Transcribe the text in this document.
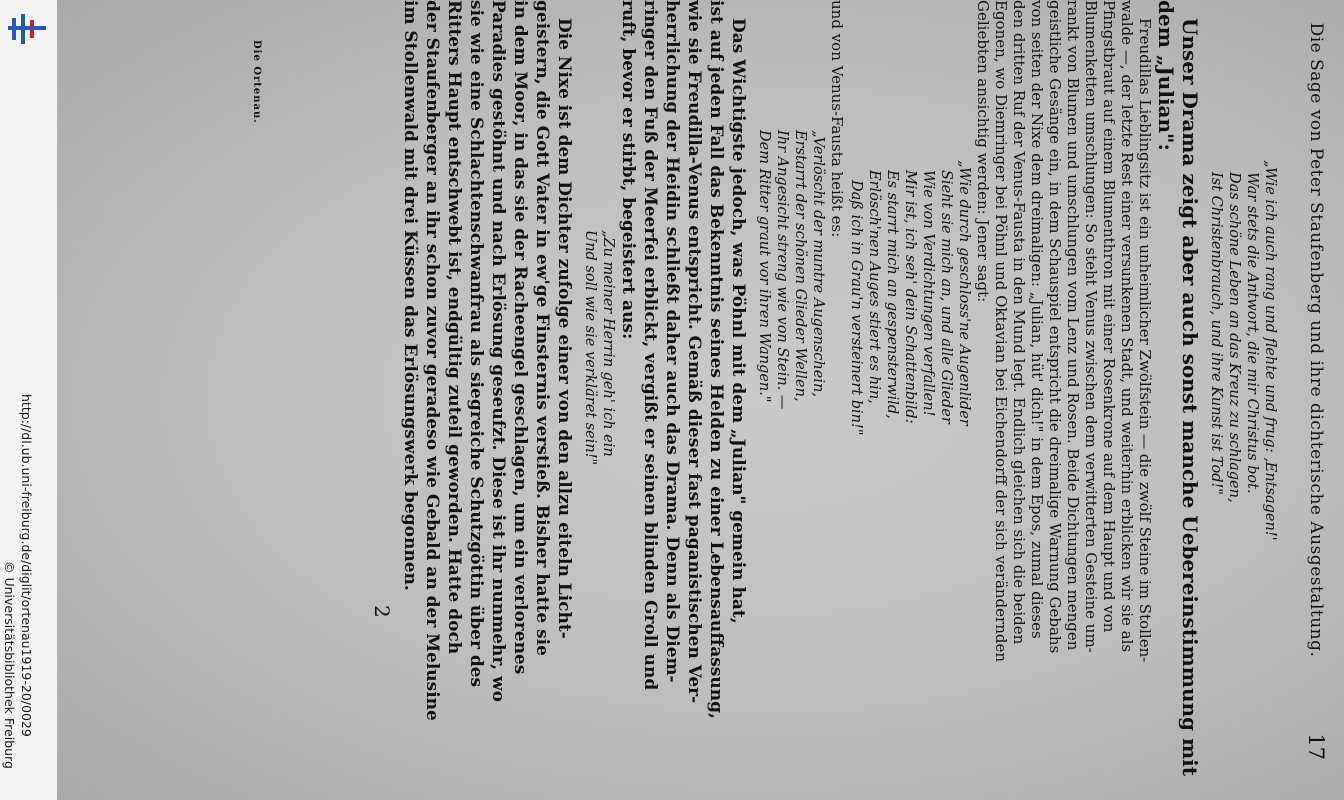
http://dl.ub.uni-freiburg.de/diglit/ortenau1919-20/0029
© Universitätsbibliothek Freiburg
Die Sage von Peter Staufenberg und ihre dichterische Ausgestaltung.
17
„Wie ich auch rang und flehte und frug: ‚Entsagen!'
War stets die Antwort, die mir Christus bot.
Das schöne Leben an das Kreuz zu schlagen,
Ist Christenbrauch, und ihre Kunst ist Tod!"
Unser Drama zeigt aber auch sonst manche Uebereinstimmung mit
dem „Julian":
Freudillas Lieblingsitz ist ein unheimlicher Zwölfstein — die zwölf Steine im Stollen-
walde —, der letzte Rest einer versunkenen Stadt, und weiterhin erblicken wir sie als
Pfingstbraut auf einem Blumenthron mit einer Rosenkrone auf dem Haupt und von
Blumenketten umschlungen: So steht Venus zwischen dem verwitterten Gesteine um-
rankt von Blumen und umschlungen vom Lenz und Rosen. Beide Dichtungen mengen
geistliche Gesänge ein, in dem Schauspiel entspricht die dreimalige Warnung Gebahs
von seiten der Nixe dem dreimaligen: „Julian, hüt' dich!" in dem Epos, zumal dieses
den dritten Ruf der Venus-Fausta in den Mund legt. Endlich gleichen sich die beiden
Egonen, wo Diemringer bei Pöhnl und Oktavian bei Eichendorff der sich verändernden
Geliebten ansichtig werden: Jener sagt:
„Wie durch geschloss'ne Augenlider
Sieht sie mich an, und alle Glieder
Wie von Verdichtungen verfallen!
Mir ist, ich seh' dein Schattenbild:
Es starrt mich an gespensterwild,
Erlösch'nen Auges stiert es hin,
Daß ich in Grau'n versteinert bin!"
und von Venus-Fausta heißt es:
„Verlöscht der muntre Augenschein,
Erstarrt der schönen Glieder Wellen,
Ihr Angesicht streng wie von Stein. —
Dem Ritter graut vor ihren Wangen."
Das Wichtigste jedoch, was Pöhnl mit dem „Julian" gemein hat,
ist auf jeden Fall das Bekenntnis seines Helden zu einer Lebensauffassung,
wie sie Freudilla-Venus entspricht. Gemäß dieser fast paganistischen Ver-
herrlichung der Heidin schließt daher auch das Drama. Denn als Diem-
ringer den Fuß der Meerfei erblickt, vergißt er seinen blinden Groll und
ruft, bevor er stirbt, begeistert aus:
„Zu meiner Herrin geh' ich ein
Und soll wie sie verkläret sein!"
Die Nixe ist dem Dichter zufolge einer von den allzu eiteln Licht-
geistern, die Gott Vater in ew'ge Finsternis verstieß. Bisher hatte sie
in dem Moor, in das sie der Racheengel geschlagen, um ein verlorenes
Paradies gestöhnt und nach Erlösung geseufzt. Diese ist ihr nunmehr, wo
sie wie eine Schlachtenschwanfrau als siegreiche Schutzgöttin über des
Ritters Haupt entschwebt ist, endgültig zuteil geworden. Hatte doch
der Staufenberger an ihr schon zuvor geradeso wie Gebald an der Melusine
im Stollenwald mit drei Küssen das Erlösungswerk begonnen.
2
Die Ortenau.
